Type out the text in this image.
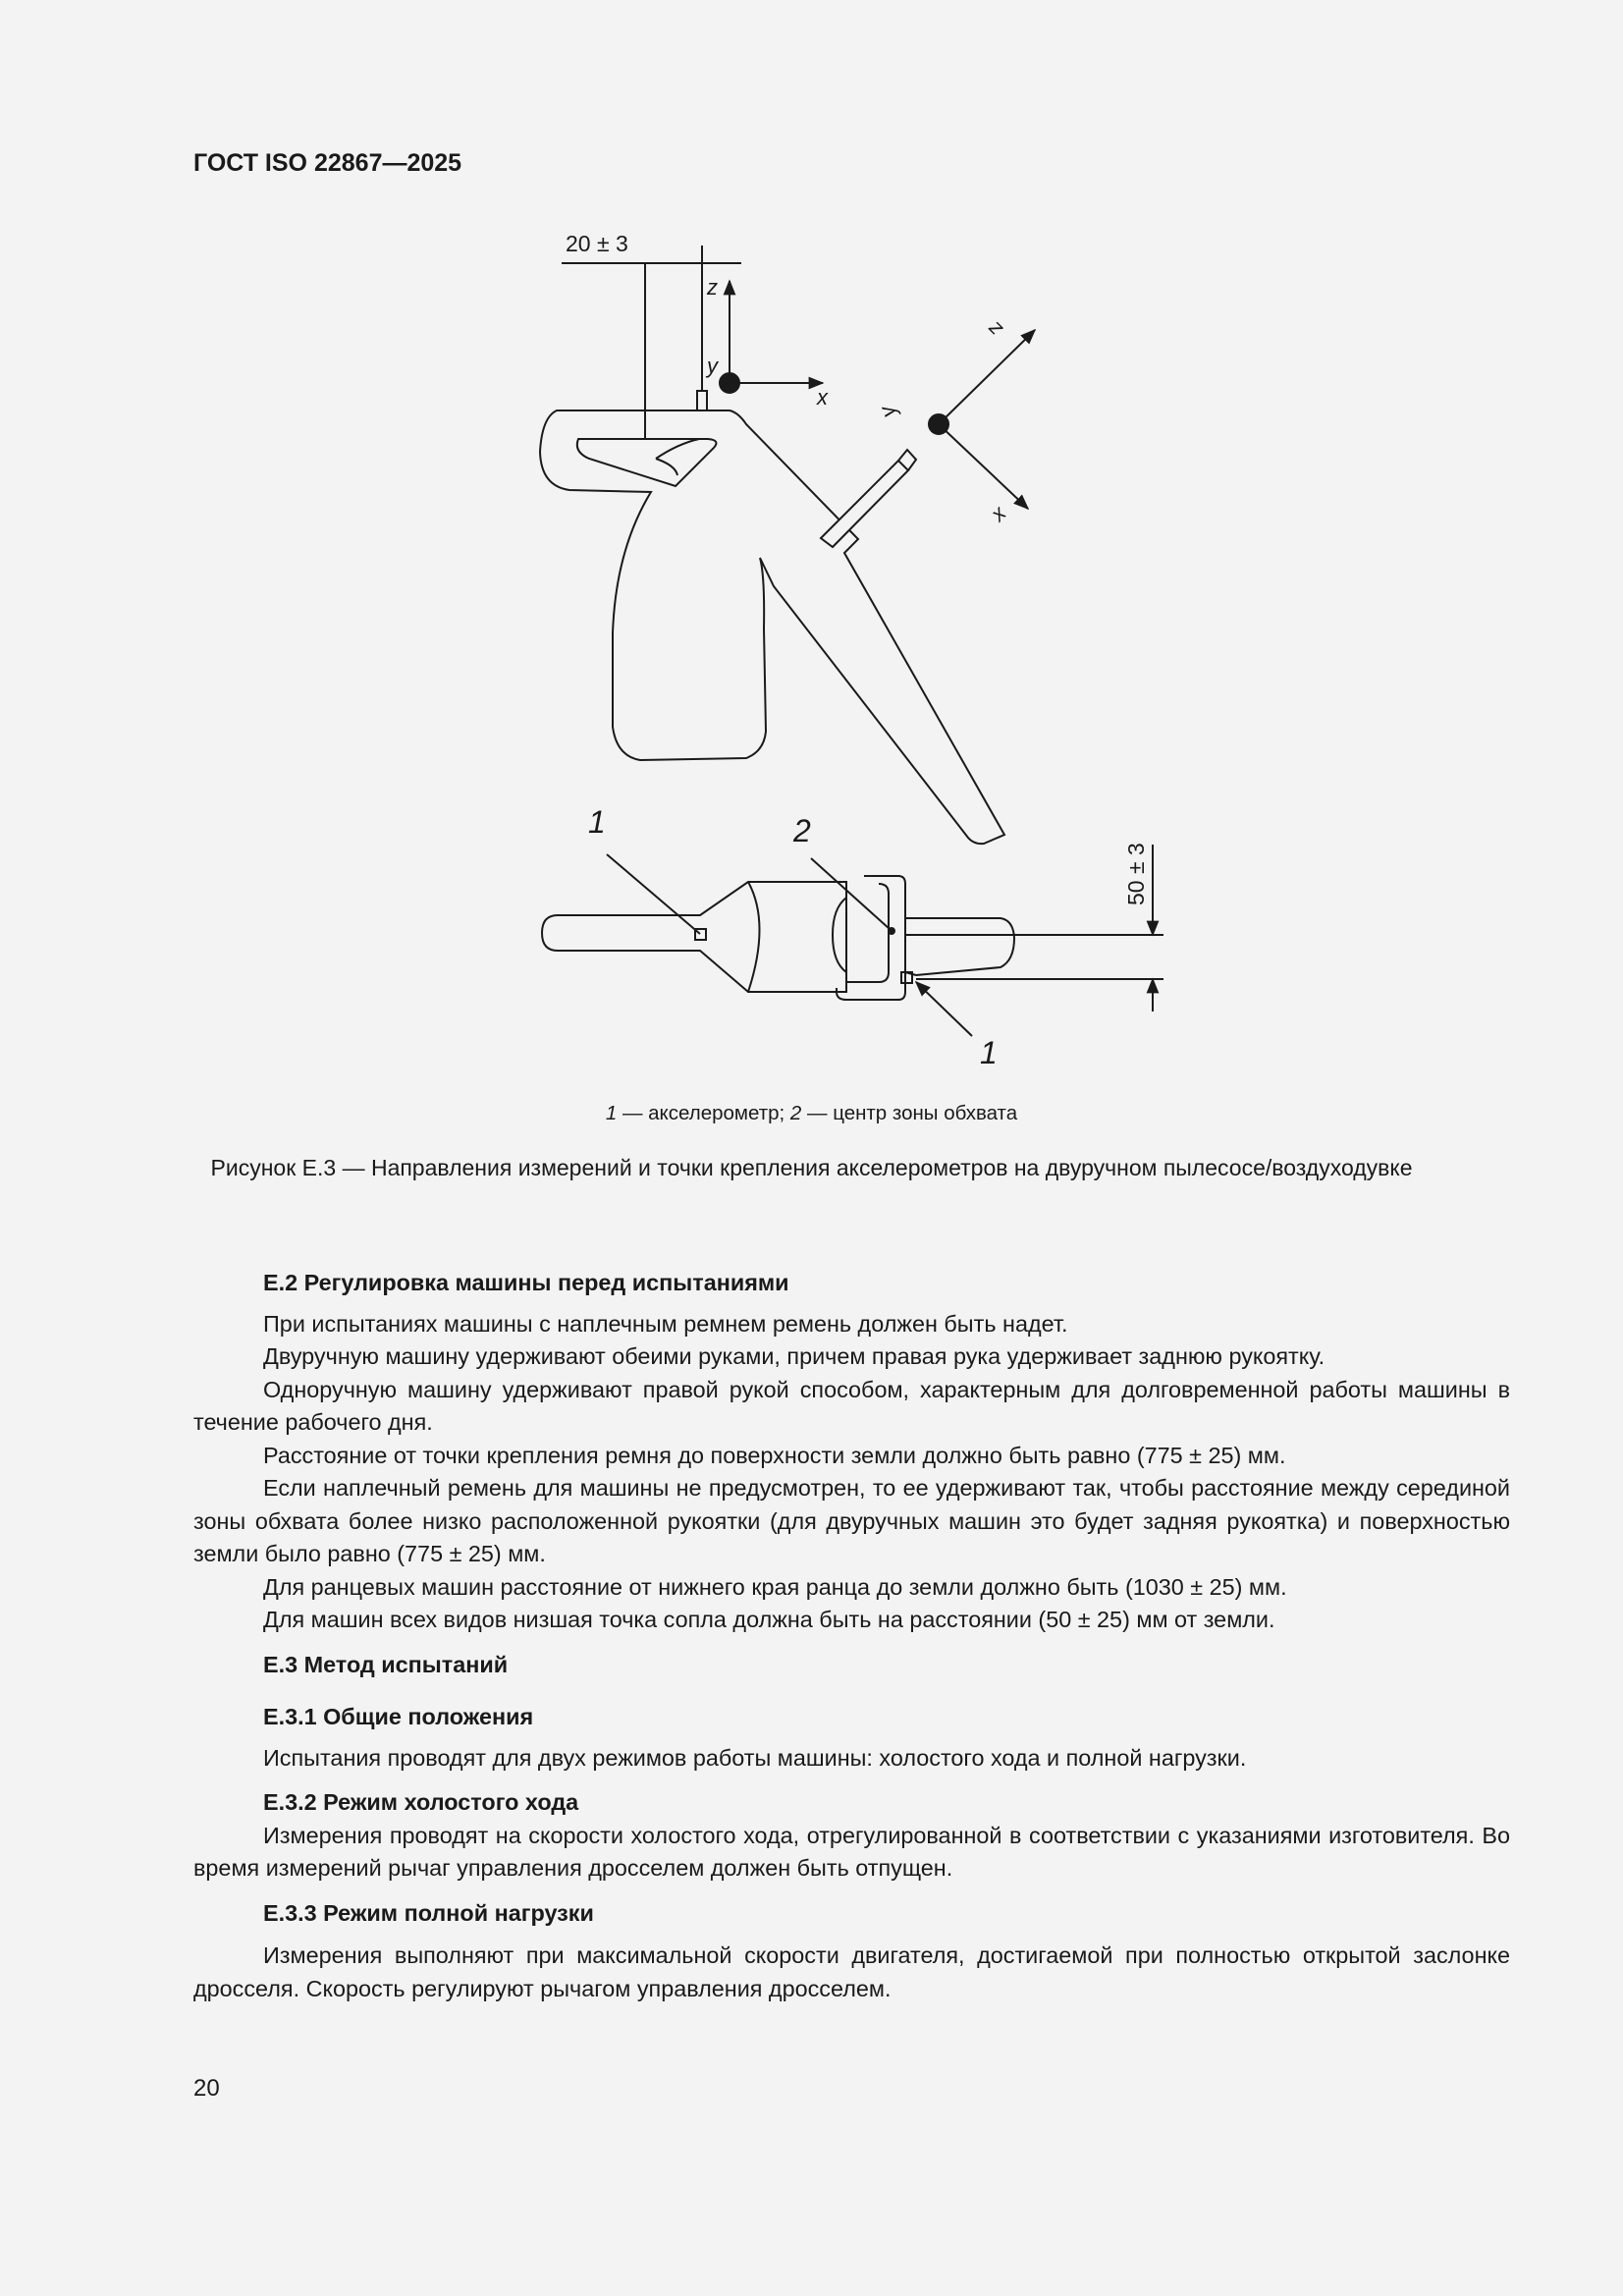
ГОСТ ISO 22867—2025
20 ± 3
z
y
x
z
y
x
50 ± 3
1	2
1
1 — акселерометр; 2 — центр зоны обхвата
Рисунок Е.3 — Направления измерений и точки крепления акселерометров на двуручном пылесосе/воздуходувке
Е.2 Регулировка машины перед испытаниями

При испытаниях машины с наплечным ремнем ремень должен быть надет.

Двуручную машину удерживают обеими руками, причем правая рука удерживает заднюю рукоятку.

Одноручную машину удерживают правой рукой способом, характерным для долговременной работы машины в течение рабочего дня.

Расстояние от точки крепления ремня до поверхности земли должно быть равно (775 ± 25) мм.

Если наплечный ремень для машины не предусмотрен, то ее удерживают так, чтобы расстояние между серединой зоны обхвата более низко расположенной рукоятки (для двуручных машин это будет задняя рукоятка) и поверхностью земли было равно (775 ± 25) мм.

Для ранцевых машин расстояние от нижнего края ранца до земли должно быть (1030 ± 25) мм.

Для машин всех видов низшая точка сопла должна быть на расстоянии (50 ± 25) мм от земли.

Е.3 Метод испытаний
Е.3.1 Общие положения

Испытания проводят для двух режимов работы машины: холостого хода и полной нагрузки.

Е.3.2 Режим холостого хода

Измерения проводят на скорости холостого хода, отрегулированной в соответствии с указаниями изготовителя. Во время измерений рычаг управления дросселем должен быть отпущен.

Е.3.3 Режим полной нагрузки

Измерения выполняют при максимальной скорости двигателя, достигаемой при полностью открытой заслонке дросселя. Скорость регулируют рычагом управления дросселем.

20
